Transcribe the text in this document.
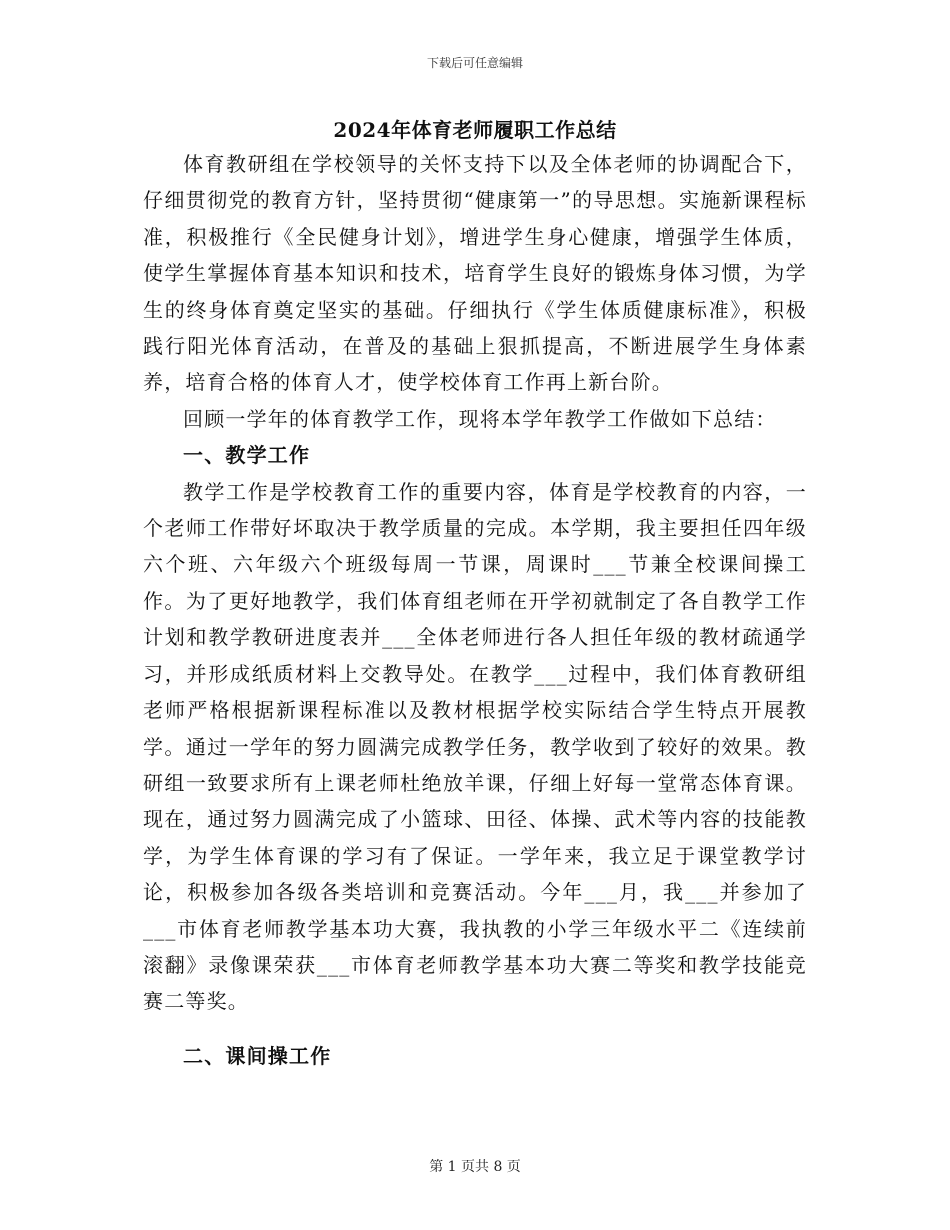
下载后可任意编辑
2024年体育老师履职工作总结

体育教研组在学校领导的关怀支持下以及全体老师的协调配合下，仔细贯彻党的教育方针，坚持贯彻“健康第一”的导思想。实施新课程标准，积极推行《全民健身计划》，增进学生身心健康，增强学生体质，使学生掌握体育基本知识和技术，培育学生良好的锻炼身体习惯，为学生的终身体育奠定坚实的基础。仔细执行《学生体质健康标准》，积极践行阳光体育活动，在普及的基础上狠抓提高，不断进展学生身体素养，培育合格的体育人才，使学校体育工作再上新台阶。

回顾一学年的体育教学工作，现将本学年教学工作做如下总结：

一、教学工作

教学工作是学校教育工作的重要内容，体育是学校教育的内容，一个老师工作带好坏取决于教学质量的完成。本学期，我主要担任四年级六个班、六年级六个班级每周一节课，周课时___节兼全校课间操工作。为了更好地教学，我们体育组老师在开学初就制定了各自教学工作计划和教学教研进度表并___全体老师进行各人担任年级的教材疏通学习，并形成纸质材料上交教导处。在教学___过程中，我们体育教研组老师严格根据新课程标准以及教材根据学校实际结合学生特点开展教学。通过一学年的努力圆满完成教学任务，教学收到了较好的效果。教研组一致要求所有上课老师杜绝放羊课，仔细上好每一堂常态体育课。现在，通过努力圆满完成了小篮球、田径、体操、武术等内容的技能教学，为学生体育课的学习有了保证。一学年来，我立足于课堂教学讨论，积极参加各级各类培训和竞赛活动。今年___月，我___并参加了___市体育老师教学基本功大赛，我执教的小学三年级水平二《连续前滚翻》录像课荣获___市体育老师教学基本功大赛二等奖和教学技能竞赛二等奖。

二、课间操工作
第 1 页共 8 页
